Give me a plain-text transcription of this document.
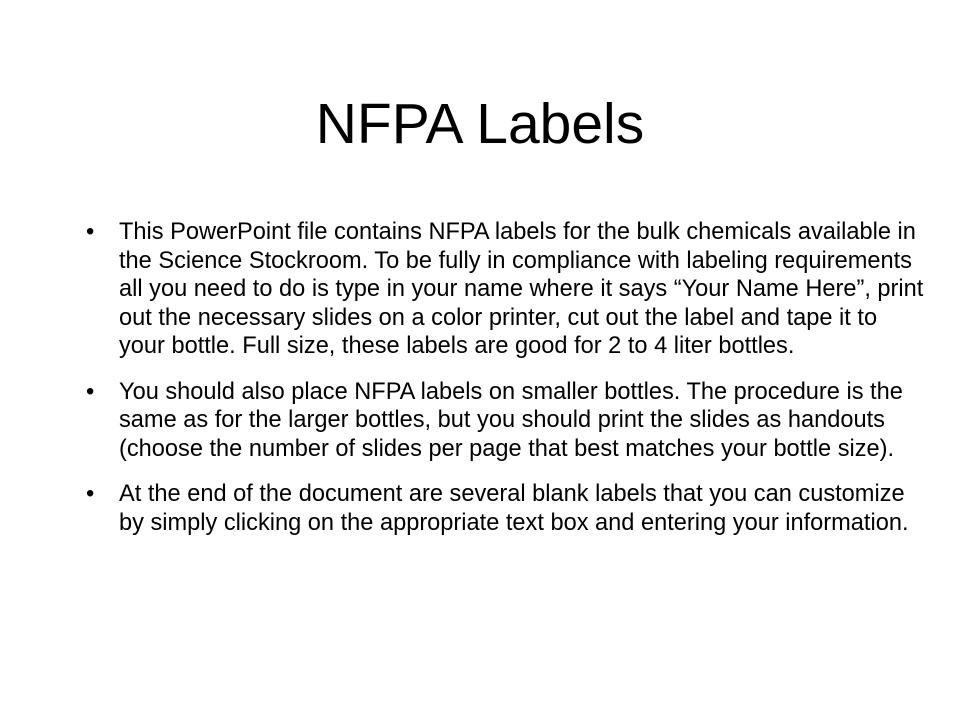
NFPA Labels
• This PowerPoint file contains NFPA labels for the bulk chemicals available in the Science Stockroom. To be fully in compliance with labeling requirements all you need to do is type in your name where it says “Your Name Here”, print out the necessary slides on a color printer, cut out the label and tape it to your bottle. Full size, these labels are good for 2 to 4 liter bottles.
• You should also place NFPA labels on smaller bottles. The procedure is the same as for the larger bottles, but you should print the slides as handouts (choose the number of slides per page that best matches your bottle size).
• At the end of the document are several blank labels that you can customize by simply clicking on the appropriate text box and entering your information.
